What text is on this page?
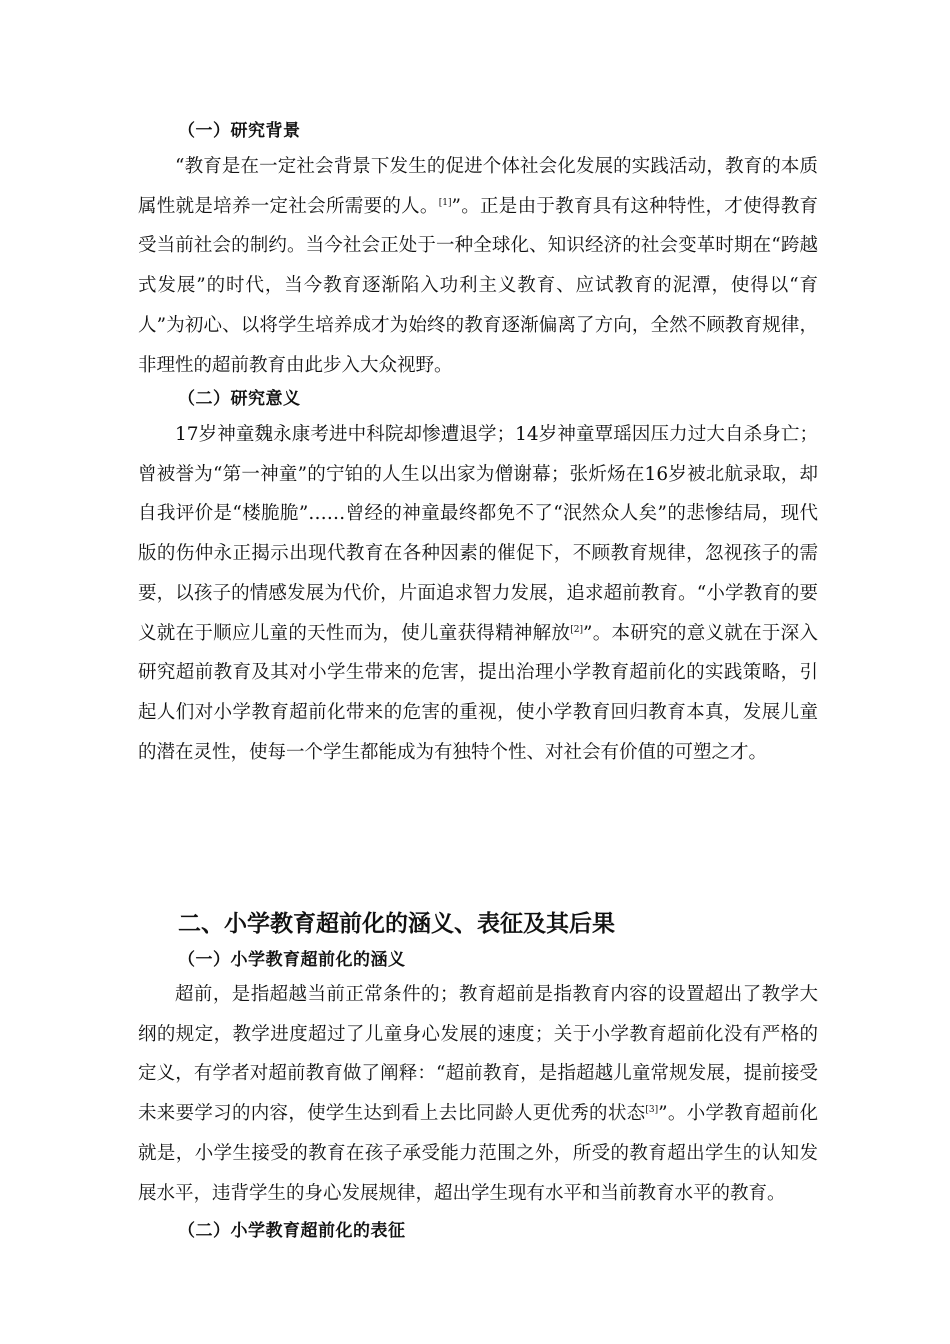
（一）研究背景

“教育是在一定社会背景下发生的促进个体社会化发展的实践活动，教育的本质属性就是培养一定社会所需要的人。[1]”。正是由于教育具有这种特性，才使得教育受当前社会的制约。当今社会正处于一种全球化、知识经济的社会变革时期在“跨越式发展”的时代，当今教育逐渐陷入功利主义教育、应试教育的泥潭，使得以“育人”为初心、以将学生培养成才为始终的教育逐渐偏离了方向，全然不顾教育规律，非理性的超前教育由此步入大众视野。

（二）研究意义

17岁神童魏永康考进中科院却惨遭退学；14岁神童覃瑶因压力过大自杀身亡；曾被誉为“第一神童”的宁铂的人生以出家为僧谢幕；张炘炀在16岁被北航录取，却自我评价是“楼脆脆”……曾经的神童最终都免不了“泯然众人矣”的悲惨结局，现代版的伤仲永正揭示出现代教育在各种因素的催促下，不顾教育规律，忽视孩子的需要，以孩子的情感发展为代价，片面追求智力发展，追求超前教育。“小学教育的要义就在于顺应儿童的天性而为，使儿童获得精神解放[2]”。本研究的意义就在于深入研究超前教育及其对小学生带来的危害，提出治理小学教育超前化的实践策略，引起人们对小学教育超前化带来的危害的重视，使小学教育回归教育本真，发展儿童的潜在灵性，使每一个学生都能成为有独特个性、对社会有价值的可塑之才。

二、小学教育超前化的涵义、表征及其后果
（一）小学教育超前化的涵义

超前，是指超越当前正常条件的；教育超前是指教育内容的设置超出了教学大纲的规定，教学进度超过了儿童身心发展的速度；关于小学教育超前化没有严格的定义，有学者对超前教育做了阐释：“超前教育，是指超越儿童常规发展，提前接受未来要学习的内容，使学生达到看上去比同龄人更优秀的状态[3]”。小学教育超前化就是，小学生接受的教育在孩子承受能力范围之外，所受的教育超出学生的认知发展水平，违背学生的身心发展规律，超出学生现有水平和当前教育水平的教育。

（二）小学教育超前化的表征
